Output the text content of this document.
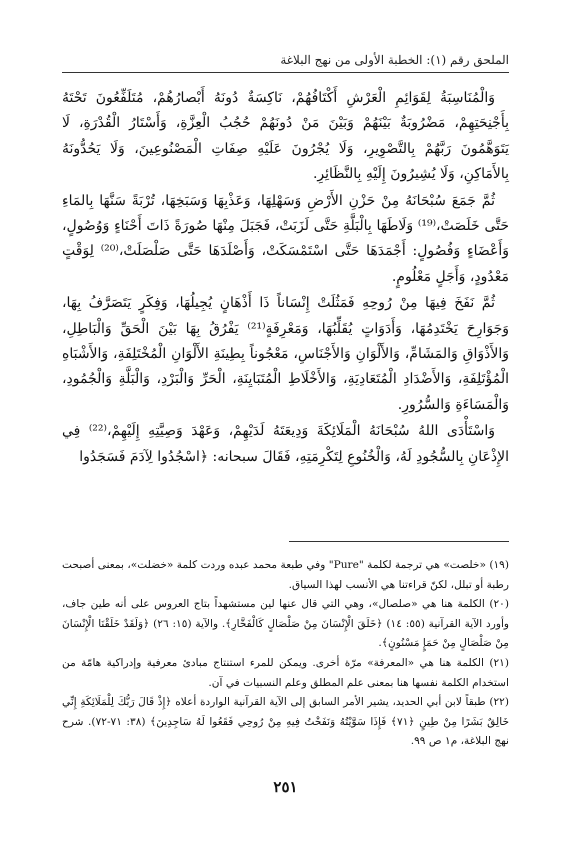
الملحق رقم (١): الخطبة الأولى من نهج البلاغة

وَالْمُنَاسِبَةُ لِقَوَائِمِ الْعَرْشِ أَكْتَافُهُمْ، نَاكِسَةٌ دُونَهُ أَبْصارُهُمْ، مُتَلَفِّعُونَ تَحْتَهُ بِأَجْنِحَتِهِمْ، مَضْرُوبَةٌ بَيْنَهُمْ وَبَيْنَ مَنْ دُونَهُمْ حُجُبُ الْعِزَّةِ، وَأَسْتَارُ الْقُدْرَةِ، لَا يَتَوَهَّمُونَ رَبَّهُمْ بِالتَّصْوِيرِ، وَلَا يُجْرُونَ عَلَيْهِ صِفَاتِ الْمَصْنُوعِينَ، وَلَا يَحُدُّونَهُ بِالأَمَاكِنِ، وَلَا يُشِيرُونَ إِلَيْهِ بِالنَّظَائِرِ.

ثُمَّ جَمَعَ سُبْحَانَهُ مِنْ حَزْنِ الأَرْضِ وَسَهْلِهَا، وَعَذْبِهَا وَسَبَخِهَا، تُرْبَةً سَنَّهَا بِالمَاءِ حَتَّى خَلَصَتْ،⁽¹⁹⁾ وَلَاطَهَا بِالْبَلَّةِ حَتَّى لَزَبَتْ، فَجَبَلَ مِنْهَا صُورَةً ذَاتَ أَحْنَاءٍ وَوُصُولٍ، وَأَعْضَاءٍ وَفُصُولٍ: أَجْمَدَهَا حَتَّى اسْتَمْسَكَتْ، وَأَصْلَدَهَا حَتَّى صَلْصَلَتْ،⁽²⁰⁾ لِوَقْتٍ مَعْدُودٍ، وَأَجَلٍ مَعْلُومٍ.

ثُمَّ نَفَخَ فِيهَا مِنْ رُوحِهِ فَمَثُلَتْ إِنْسَاناً ذَا أَذْهَانٍ يُجِيلُهَا، وَفِكَرٍ يَتَصَرَّفُ بِهَا، وَجَوَارِحَ يَخْتَدِمُهَا، وَأَدَوَاتٍ يُقَلِّبُهَا، وَمَعْرِفَةٍ⁽²¹⁾ يَفْرُقُ بِهَا بَيْنَ الْحَقِّ وَالْبَاطِلِ، وَالأَذْوَاقِ وَالمَشَامِّ، وَالأَلْوَانِ وَالأَجْنَاسِ، مَعْجُوناً بِطِينَةِ الأَلْوَانِ الْمُخْتَلِفَةِ، وَالأَشْبَاهِ الْمُؤْتَلِفَةِ، وَالأَضْدَادِ الْمُتَعَادِيَةِ، وَالأَخْلَاطِ الْمُتَبَايِنَةِ، الْحَرِّ وَالْبَرْدِ، وَالْبَلَّةِ وَالْجُمُودِ، وَالْمَسَاءَةِ وَالسُّرُورِ.

وَاسْتَأْدَى اللهُ سُبْحَانَهُ الْمَلَائِكَةَ وَدِيعَتَهُ لَدَيْهِمْ، وَعَهْدَ وَصِيَّتِهِ إِلَيْهِمْ،⁽²²⁾ فِي الإِذْعَانِ بِالسُّجُودِ لَهُ، وَالْخُنُوعِ لِتَكْرِمَتِهِ، فَقَالَ سبحانه: ﴿اسْجُدُوا لِآدَمَ فَسَجَدُوا

(١٩) «خلصت» هي ترجمة لكلمة "Pure" وفي طبعة محمد عبده وردت كلمة «خضلت»، بمعنى أصبحت رطبة أو تبلل، لكنّ قراءتنا هي الأنسب لهذا السياق.

(٢٠) الكلمة هنا هي «صلصال»، وهي التي قال عنها لين مستشهداً بتاج العروس على أنه طين جاف، وأورد الآية القرآنية (٥٥: ١٤) ﴿خَلَقَ الْإِنْسَانَ مِنْ صَلْصَالٍ كَالْفَخَّارِ﴾. والآية (١٥: ٢٦) ﴿وَلَقَدْ خَلَقْنَا الْإِنْسَانَ مِنْ صَلْصَالٍ مِنْ حَمَإٍ مَسْنُونٍ﴾.

(٢١) الكلمة هنا هي «المعرفة» مرّة أخرى. ويمكن للمرء استنتاج مبادئ معرفية وإدراكية هامّة من استخدام الكلمة نفسها هنا بمعنى علم المطلق وعلم النسبيات في آن.

(٢٢) طبقاً لابن أبي الحديد، يشير الأمر السابق إلى الآية القرآنية الواردة أعلاه ﴿إِذْ قَالَ رَبُّكَ لِلْمَلَائِكَةِ إِنِّي خَالِقٌ بَشَرًا مِنْ طِينٍ ﴿٧١﴾ فَإِذَا سَوَّيْتُهُ وَنَفَخْتُ فِيهِ مِنْ رُوحِي فَقَعُوا لَهُ سَاجِدِينَ﴾ (٣٨: ٧١-٧٢). شرح نهج البلاغة، م١ ص ٩٩.

٢٥١
